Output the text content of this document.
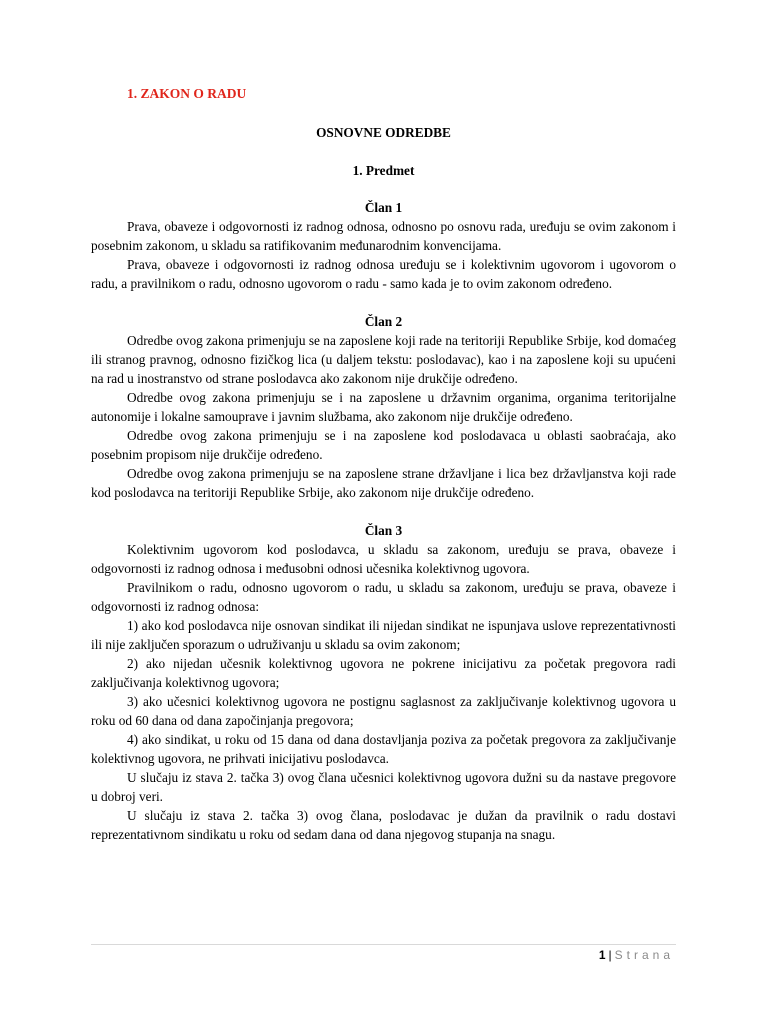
1. ZAKON O RADU
OSNOVNE ODREDBE
1. Predmet
Član 1

Prava, obaveze i odgovornosti iz radnog odnosa, odnosno po osnovu rada, uređuju se ovim zakonom i posebnim zakonom, u skladu sa ratifikovanim međunarodnim konvencijama.

Prava, obaveze i odgovornosti iz radnog odnosa uređuju se i kolektivnim ugovorom i ugovorom o radu, a pravilnikom o radu, odnosno ugovorom o radu - samo kada je to ovim zakonom određeno.

Član 2

Odredbe ovog zakona primenjuju se na zaposlene koji rade na teritoriji Republike Srbije, kod domaćeg ili stranog pravnog, odnosno fizičkog lica (u daljem tekstu: poslodavac), kao i na zaposlene koji su upućeni na rad u inostranstvo od strane poslodavca ako zakonom nije drukčije određeno.

Odredbe ovog zakona primenjuju se i na zaposlene u državnim organima, organima teritorijalne autonomije i lokalne samouprave i javnim službama, ako zakonom nije drukčije određeno.

Odredbe ovog zakona primenjuju se i na zaposlene kod poslodavaca u oblasti saobraćaja, ako posebnim propisom nije drukčije određeno.

Odredbe ovog zakona primenjuju se na zaposlene strane državljane i lica bez državljanstva koji rade kod poslodavca na teritoriji Republike Srbije, ako zakonom nije drukčije određeno.

Član 3

Kolektivnim ugovorom kod poslodavca, u skladu sa zakonom, uređuju se prava, obaveze i odgovornosti iz radnog odnosa i međusobni odnosi učesnika kolektivnog ugovora.

Pravilnikom o radu, odnosno ugovorom o radu, u skladu sa zakonom, uređuju se prava, obaveze i odgovornosti iz radnog odnosa:

1) ako kod poslodavca nije osnovan sindikat ili nijedan sindikat ne ispunjava uslove reprezentativnosti ili nije zaključen sporazum o udruživanju u skladu sa ovim zakonom;

2) ako nijedan učesnik kolektivnog ugovora ne pokrene inicijativu za početak pregovora radi zaključivanja kolektivnog ugovora;

3) ako učesnici kolektivnog ugovora ne postignu saglasnost za zaključivanje kolektivnog ugovora u roku od 60 dana od dana započinjanja pregovora;

4) ako sindikat, u roku od 15 dana od dana dostavljanja poziva za početak pregovora za zaključivanje kolektivnog ugovora, ne prihvati inicijativu poslodavca.

U slučaju iz stava 2. tačka 3) ovog člana učesnici kolektivnog ugovora dužni su da nastave pregovore u dobroj veri.

U slučaju iz stava 2. tačka 3) ovog člana, poslodavac je dužan da pravilnik o radu dostavi reprezentativnom sindikatu u roku od sedam dana od dana njegovog stupanja na snagu.

1 | Strana
